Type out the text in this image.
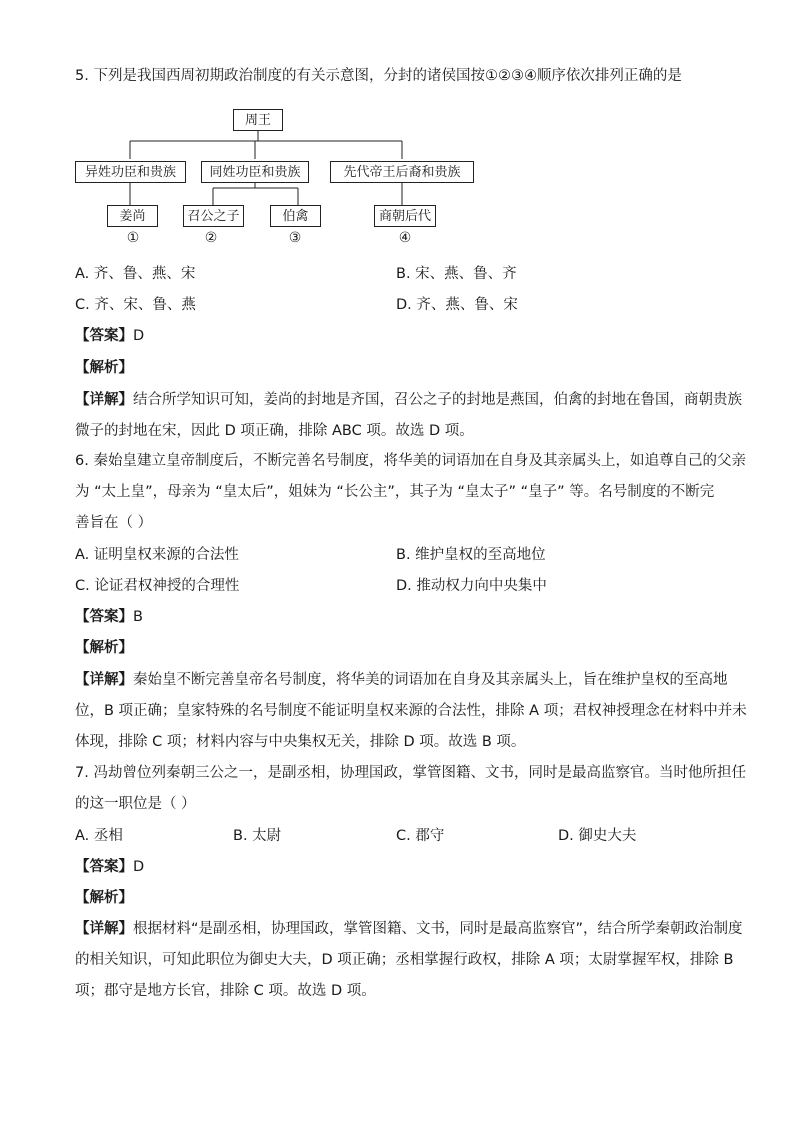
5. 下列是我国西周初期政治制度的有关示意图，分封的诸侯国按①②③④顺序依次排列正确的是
周王
异姓功臣和贵族	同姓功臣和贵族	先代帝王后裔和贵族
姜尚	召公之子	伯禽	商朝后代
①	②	③	④
A. 齐、鲁、燕、宋	B. 宋、燕、鲁、齐
C. 齐、宋、鲁、燕	D. 齐、燕、鲁、宋
【答案】D
【解析】
【详解】结合所学知识可知，姜尚的封地是齐国，召公之子的封地是燕国，伯禽的封地在鲁国，商朝贵族
微子的封地在宋，因此 D 项正确，排除 ABC 项。故选 D 项。
6. 秦始皇建立皇帝制度后，不断完善名号制度，将华美的词语加在自身及其亲属头上，如追尊自己的父亲
为 “太上皇”，母亲为 “皇太后”，姐妹为 “长公主”，其子为 “皇太子” “皇子” 等。名号制度的不断完
善旨在（ ）
A. 证明皇权来源的合法性	B. 维护皇权的至高地位
C. 论证君权神授的合理性	D. 推动权力向中央集中
【答案】B
【解析】
【详解】秦始皇不断完善皇帝名号制度，将华美的词语加在自身及其亲属头上，旨在维护皇权的至高地
位，B 项正确；皇家特殊的名号制度不能证明皇权来源的合法性，排除 A 项；君权神授理念在材料中并未
体现，排除 C 项；材料内容与中央集权无关，排除 D 项。故选 B 项。
7. 冯劫曾位列秦朝三公之一，是副丞相，协理国政，掌管图籍、文书，同时是最高监察官。当时他所担任
的这一职位是（ ）
A. 丞相	B. 太尉	C. 郡守	D. 御史大夫
【答案】D
【解析】
【详解】根据材料“是副丞相，协理国政，掌管图籍、文书，同时是最高监察官”，结合所学秦朝政治制度
的相关知识，可知此职位为御史大夫，D 项正确；丞相掌握行政权，排除 A 项；太尉掌握军权，排除 B
项；郡守是地方长官，排除 C 项。故选 D 项。
